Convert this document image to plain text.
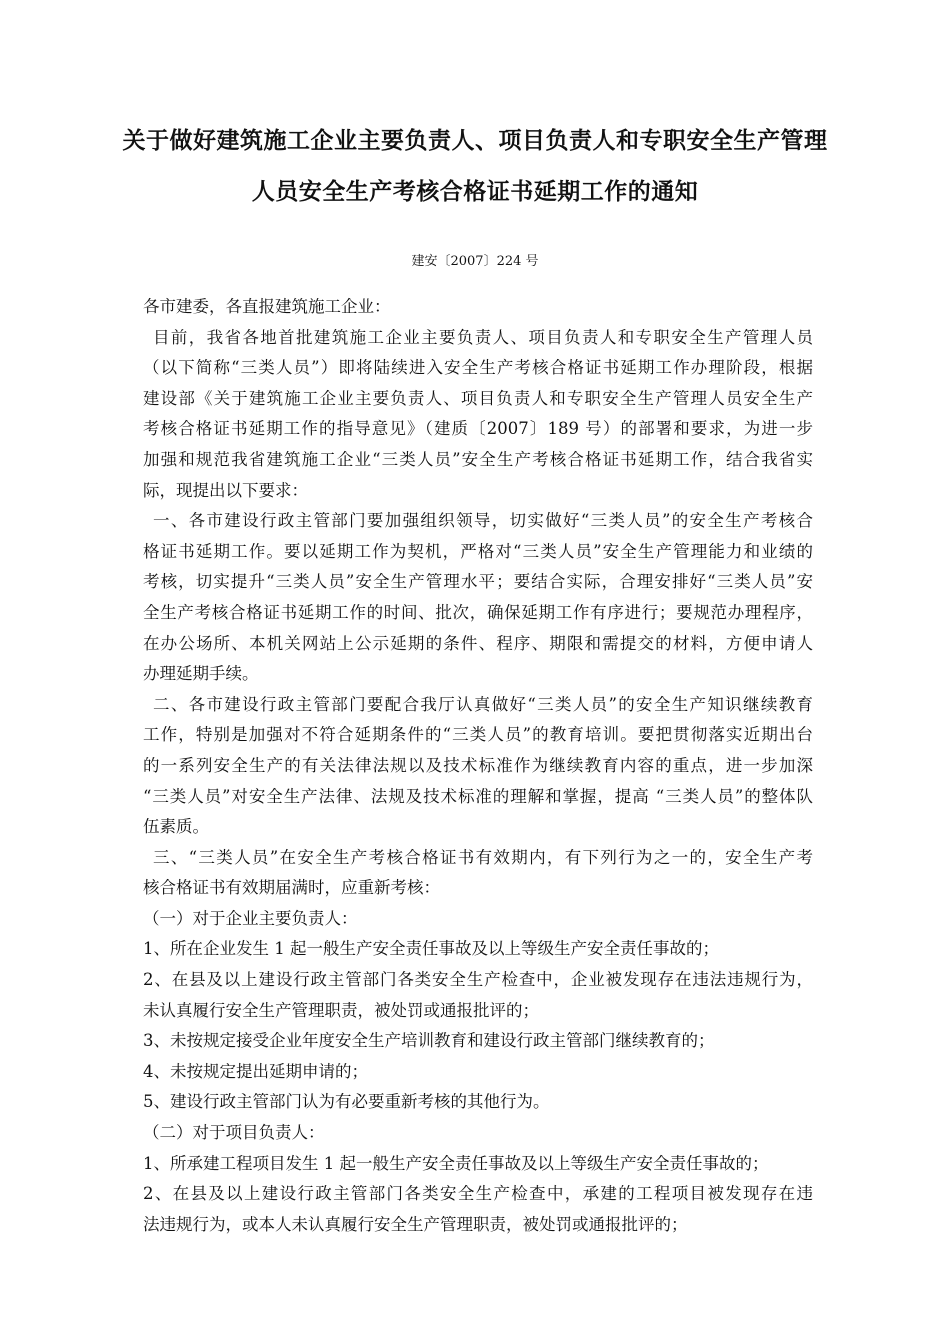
关于做好建筑施工企业主要负责人、项目负责人和专职安全生产管理
人员安全生产考核合格证书延期工作的通知
建安〔2007〕224 号
各市建委，各直报建筑施工企业：
目前，我省各地首批建筑施工企业主要负责人、项目负责人和专职安全生产管理人员
（以下简称“三类人员”）即将陆续进入安全生产考核合格证书延期工作办理阶段，根据
建设部《关于建筑施工企业主要负责人、项目负责人和专职安全生产管理人员安全生产
考核合格证书延期工作的指导意见》（建质〔2007〕189 号）的部署和要求，为进一步
加强和规范我省建筑施工企业“三类人员”安全生产考核合格证书延期工作，结合我省实
际，现提出以下要求：
一、各市建设行政主管部门要加强组织领导，切实做好“三类人员”的安全生产考核合
格证书延期工作。要以延期工作为契机，严格对“三类人员”安全生产管理能力和业绩的
考核，切实提升“三类人员”安全生产管理水平；要结合实际，合理安排好“三类人员”安
全生产考核合格证书延期工作的时间、批次，确保延期工作有序进行；要规范办理程序，
在办公场所、本机关网站上公示延期的条件、程序、期限和需提交的材料，方便申请人
办理延期手续。
二、各市建设行政主管部门要配合我厅认真做好“三类人员”的安全生产知识继续教育
工作，特别是加强对不符合延期条件的“三类人员”的教育培训。要把贯彻落实近期出台
的一系列安全生产的有关法律法规以及技术标准作为继续教育内容的重点，进一步加深
“三类人员”对安全生产法律、法规及技术标准的理解和掌握，提高 “三类人员”的整体队
伍素质。
三、“三类人员”在安全生产考核合格证书有效期内，有下列行为之一的，安全生产考
核合格证书有效期届满时，应重新考核：
（一）对于企业主要负责人：
1、所在企业发生 1 起一般生产安全责任事故及以上等级生产安全责任事故的；
2、在县及以上建设行政主管部门各类安全生产检查中，企业被发现存在违法违规行为，
未认真履行安全生产管理职责，被处罚或通报批评的；
3、未按规定接受企业年度安全生产培训教育和建设行政主管部门继续教育的；
4、未按规定提出延期申请的；
5、建设行政主管部门认为有必要重新考核的其他行为。
（二）对于项目负责人：
1、所承建工程项目发生 1 起一般生产安全责任事故及以上等级生产安全责任事故的；
2、在县及以上建设行政主管部门各类安全生产检查中，承建的工程项目被发现存在违
法违规行为，或本人未认真履行安全生产管理职责，被处罚或通报批评的；
